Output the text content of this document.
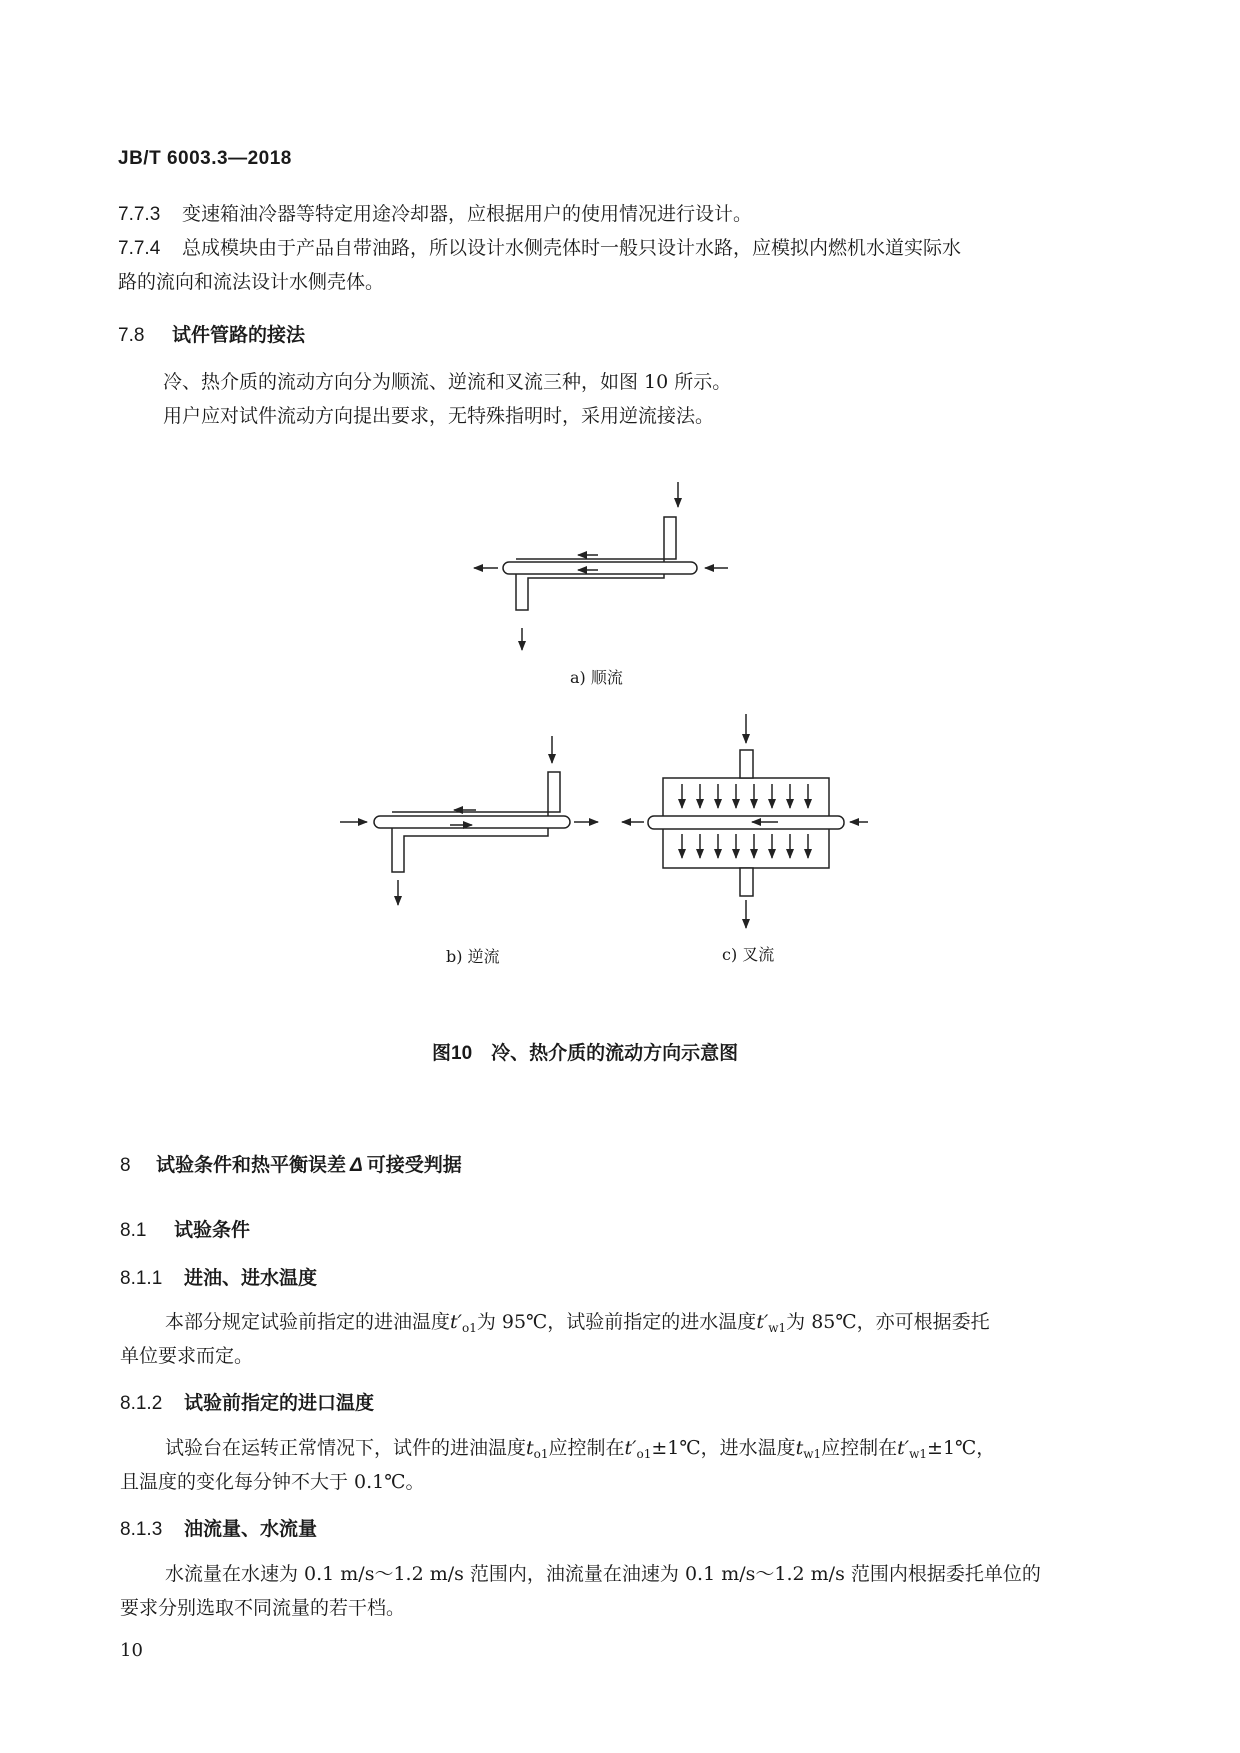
JB/T 6003.3—2018
7.7.3 变速箱油冷器等特定用途冷却器，应根据用户的使用情况进行设计。
7.7.4 总成模块由于产品自带油路，所以设计水侧壳体时一般只设计水路，应模拟内燃机水道实际水
路的流向和流法设计水侧壳体。
7.8 试件管路的接法
冷、热介质的流动方向分为顺流、逆流和叉流三种，如图 10 所示。
用户应对试件流动方向提出要求，无特殊指明时，采用逆流接法。
a) 顺流
b) 逆流	c) 叉流
图10　冷、热介质的流动方向示意图
8 试验条件和热平衡误差 Δ 可接受判据
8.1 试验条件
8.1.1 进油、进水温度
本部分规定试验前指定的进油温度$t'_{o1}$为 95℃，试验前指定的进水温度$t'_{w1}$为 85℃，亦可根据委托
单位要求而定。
8.1.2 试验前指定的进口温度
试验台在运转正常情况下，试件的进油温度$t_{o1}$应控制在$t'_{o1}\pm 1℃$，进水温度$t_{w1}$应控制在$t'_{w1}\pm 1℃$，
且温度的变化每分钟不大于 0.1℃。
8.1.3 油流量、水流量
水流量在水速为 0.1 m/s～1.2 m/s 范围内，油流量在油速为 0.1 m/s～1.2 m/s 范围内根据委托单位的
要求分别选取不同流量的若干档。
10
